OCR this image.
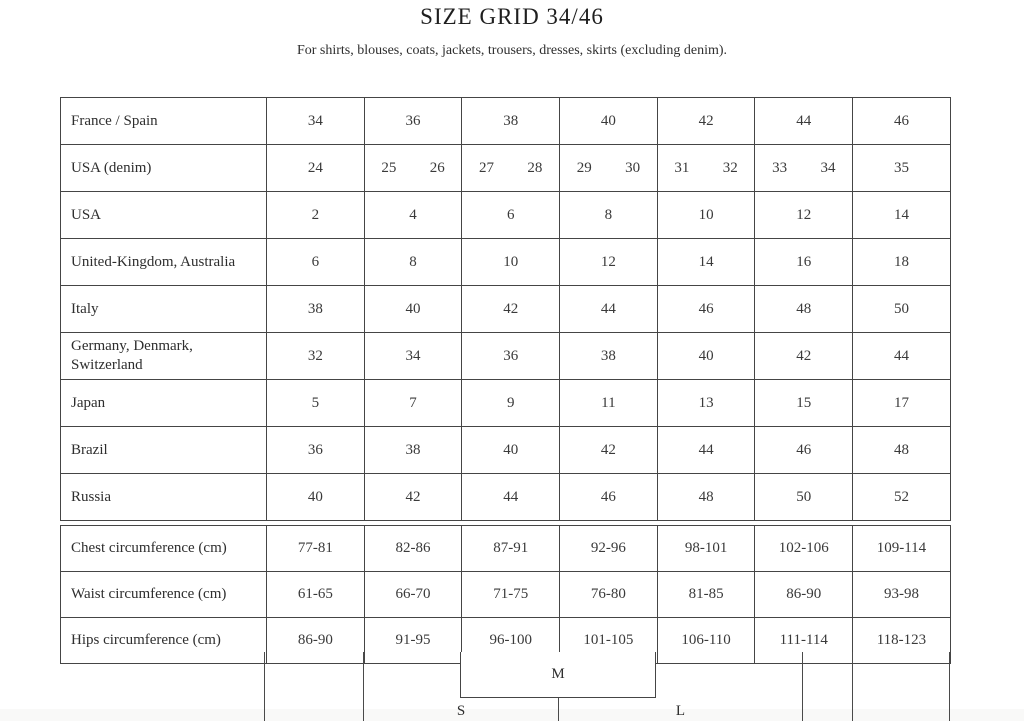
SIZE GRID 34/46
For shirts, blouses, coats, jackets, trousers, dresses, skirts (excluding denim).
France / Spain	34	36	38	40	42	44	46
USA (denim)	24	25 26	27 28	29 30	31 32	33 34	35
USA	2	4	6	8	10	12	14
United-Kingdom, Australia	6	8	10	12	14	16	18
Italy	38	40	42	44	46	48	50
Germany, Denmark, Switzerland	32	34	36	38	40	42	44
Japan	5	7	9	11	13	15	17
Brazil	36	38	40	42	44	46	48
Russia	40	42	44	46	48	50	52
Chest circumference (cm)	77-81	82-86	87-91	92-96	98-101	102-106	109-114
Waist circumference (cm)	61-65	66-70	71-75	76-80	81-85	86-90	93-98
Hips circumference (cm)	86-90	91-95	96-100	101-105	106-110	111-114	118-123
M
S	L
